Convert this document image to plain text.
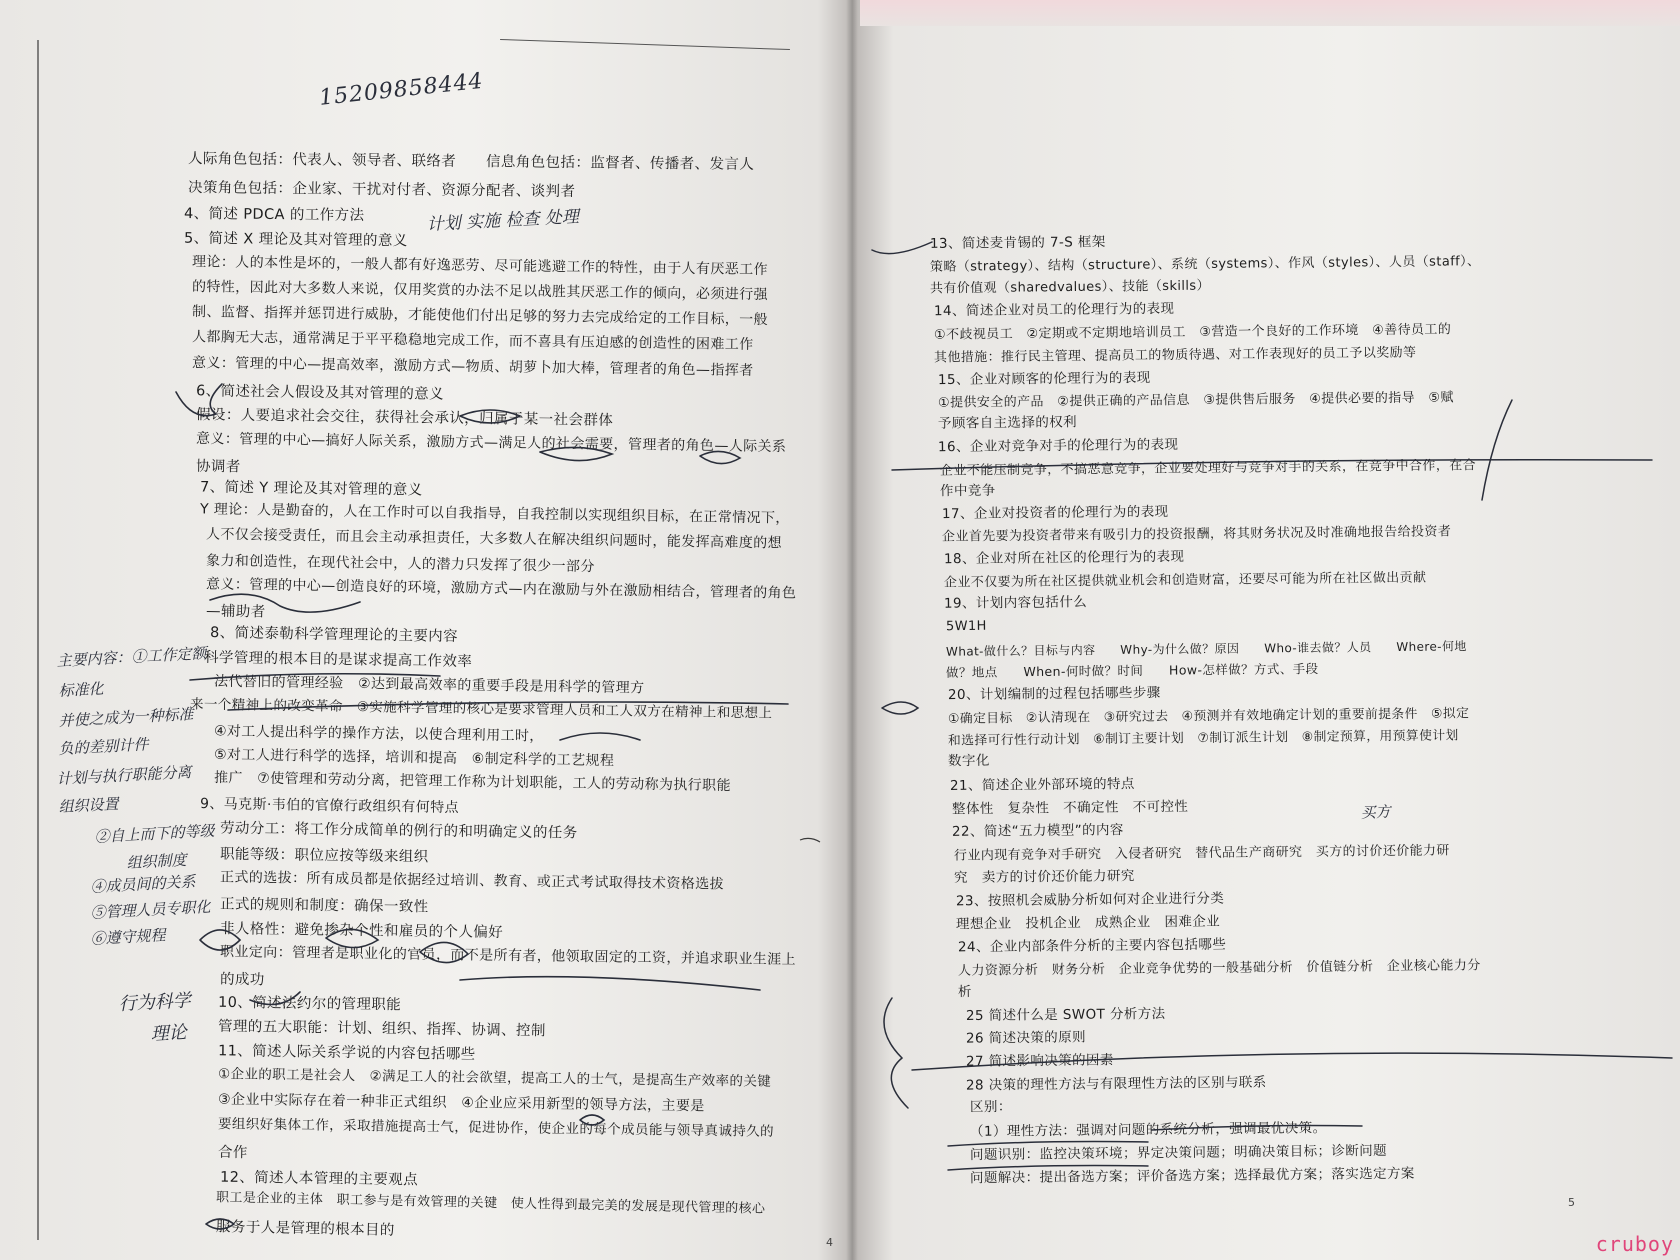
15209858444
人际角色包括：代表人、领导者、联络者　　信息角色包括：监督者、传播者、发言人
决策角色包括：企业家、干扰对付者、资源分配者、谈判者
4、简述 PDCA 的工作方法
5、简述 X 理论及其对管理的意义
理论：人的本性是坏的，一般人都有好逸恶劳、尽可能逃避工作的特性，由于人有厌恶工作
的特性，因此对大多数人来说，仅用奖赏的办法不足以战胜其厌恶工作的倾向，必须进行强
制、监督、指挥并惩罚进行威胁，才能使他们付出足够的努力去完成给定的工作目标，一般
人都胸无大志，通常满足于平平稳稳地完成工作，而不喜具有压迫感的创造性的困难工作
意义：管理的中心—提高效率，激励方式—物质、胡萝卜加大棒，管理者的角色—指挥者
6、简述社会人假设及其对管理的意义
假设：人要追求社会交往，获得社会承认，归属于某一社会群体
意义：管理的中心—搞好人际关系，激励方式—满足人的社会需要，管理者的角色—人际关系
协调者
7、简述 Y 理论及其对管理的意义
Y 理论：人是勤奋的，人在工作时可以自我指导，自我控制以实现组织目标，在正常情况下，
人不仅会接受责任，而且会主动承担责任，大多数人在解决组织问题时，能发挥高难度的想
象力和创造性，在现代社会中，人的潜力只发挥了很少一部分
意义：管理的中心—创造良好的环境，激励方式—内在激励与外在激励相结合，管理者的角色
—辅助者
8、简述泰勒科学管理理论的主要内容
科学管理的根本目的是谋求提高工作效率
法代替旧的管理经验　②达到最高效率的重要手段是用科学的管理方
来一个精神上的改变革命　③实施科学管理的核心是要求管理人员和工人双方在精神上和思想上
④对工人提出科学的操作方法，以使合理利用工时，
⑤对工人进行科学的选择，培训和提高　⑥制定科学的工艺规程
推广　⑦使管理和劳动分离，把管理工作称为计划职能，工人的劳动称为执行职能
9、马克斯·韦伯的官僚行政组织有何特点
劳动分工：将工作分成简单的例行的和明确定义的任务
职能等级：职位应按等级来组织
正式的选拔：所有成员都是依据经过培训、教育、或正式考试取得技术资格选拔
正式的规则和制度：确保一致性
非人格性：避免掺杂个性和雇员的个人偏好
职业定向：管理者是职业化的官员，而不是所有者，他领取固定的工资，并追求职业生涯上
的成功
10、简述法约尔的管理职能
管理的五大职能：计划、组织、指挥、协调、控制
11、简述人际关系学说的内容包括哪些
①企业的职工是社会人　②满足工人的社会欲望，提高工人的士气，是提高生产效率的关键
③企业中实际存在着一种非正式组织　④企业应采用新型的领导方法，主要是
要组织好集体工作，采取措施提高士气，促进协作，使企业的每个成员能与领导真诚持久的
合作
12、简述人本管理的主要观点
职工是企业的主体　职工参与是有效管理的关键　使人性得到最完美的发展是现代管理的核心
服务于人是管理的根本目的
计划 实施 检查 处理
主要内容：①工作定额
标准化
并使之成为一种标准
负的差别计件
计划与执行职能分离
组织设置
②自上而下的等级
组织制度
④成员间的关系
⑤管理人员专职化
⑥遵守规程
行为科学
理论
4
13、简述麦肯锡的 7-S 框架
策略（strategy）、结构（structure）、系统（systems）、作风（styles）、人员（staff）、
共有价值观（sharedvalues）、技能（skills）
14、简述企业对员工的伦理行为的表现
①不歧视员工　②定期或不定期地培训员工　③营造一个良好的工作环境　④善待员工的
其他措施：推行民主管理、提高员工的物质待遇、对工作表现好的员工予以奖励等
15、企业对顾客的伦理行为的表现
①提供安全的产品　②提供正确的产品信息　③提供售后服务　④提供必要的指导　⑤赋
予顾客自主选择的权利
16、企业对竞争对手的伦理行为的表现
企业不能压制竞争，不搞恶意竞争，企业要处理好与竞争对手的关系，在竞争中合作，在合
作中竞争
17、企业对投资者的伦理行为的表现
企业首先要为投资者带来有吸引力的投资报酬，将其财务状况及时准确地报告给投资者
18、企业对所在社区的伦理行为的表现
企业不仅要为所在社区提供就业机会和创造财富，还要尽可能为所在社区做出贡献
19、计划内容包括什么
5W1H
What-做什么？目标与内容　　Why-为什么做？原因　　Who-谁去做？人员　　Where-何地
做？地点　　When-何时做？时间　　How-怎样做？方式、手段
20、计划编制的过程包括哪些步骤
①确定目标　②认清现在　③研究过去　④预测并有效地确定计划的重要前提条件　⑤拟定
和选择可行性行动计划　⑥制订主要计划　⑦制订派生计划　⑧制定预算，用预算使计划
数字化
21、简述企业外部环境的特点
整体性　复杂性　不确定性　不可控性
22、简述“五力模型”的内容
行业内现有竞争对手研究　入侵者研究　替代品生产商研究　买方的讨价还价能力研
究　卖方的讨价还价能力研究
23、按照机会威胁分析如何对企业进行分类
理想企业　投机企业　成熟企业　困难企业
24、企业内部条件分析的主要内容包括哪些
人力资源分析　财务分析　企业竞争优势的一般基础分析　价值链分析　企业核心能力分
析
25 简述什么是 SWOT 分析方法
26 简述决策的原则
27 简述影响决策的因素
28 决策的理性方法与有限理性方法的区别与联系
区别：
（1）理性方法：强调对问题的系统分析，强调最优决策。
问题识别：监控决策环境；界定决策问题；明确决策目标；诊断问题
问题解决：提出备选方案；评价备选方案；选择最优方案；落实选定方案
买方
5
cruboy
